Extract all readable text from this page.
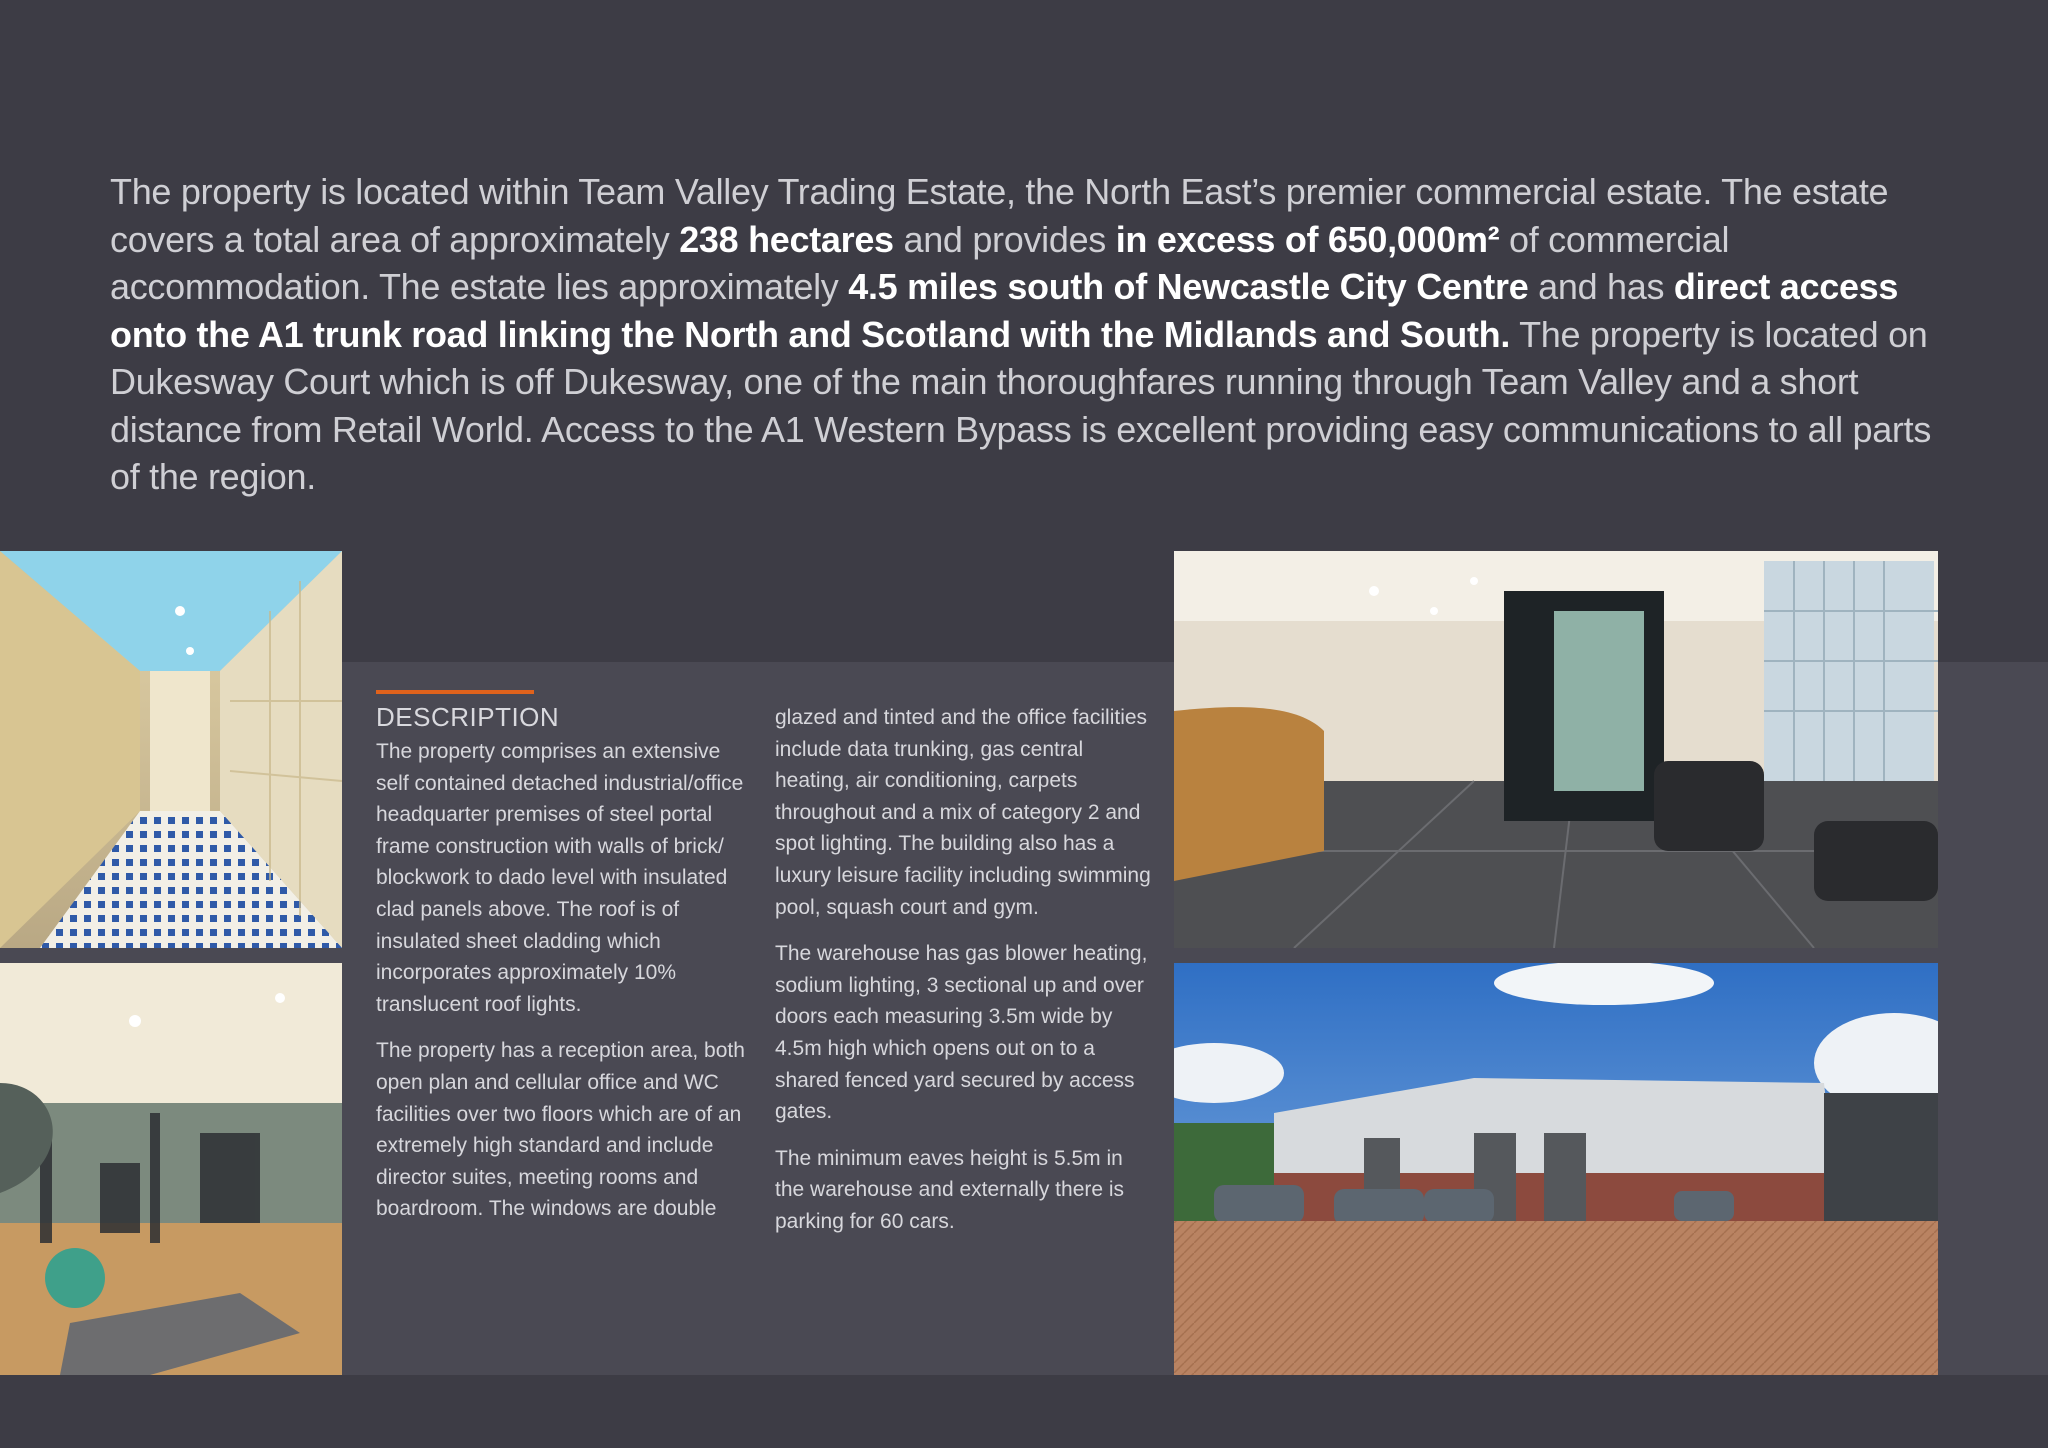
The property is located within Team Valley Trading Estate, the North East’s premier commercial estate. The estate covers a total area of approximately 238 hectares and provides in excess of 650,000m² of commercial accommodation. The estate lies approximately 4.5 miles south of Newcastle City Centre and has direct access onto the A1 trunk road linking the North and Scotland with the Midlands and South. The property is located on Dukesway Court which is off Dukesway, one of the main thoroughfares running through Team Valley and a short distance from Retail World. Access to the A1 Western Bypass is excellent providing easy communications to all parts of the region.

DESCRIPTION

The property comprises an extensive self contained detached industrial/office headquarter premises of steel portal frame construction with walls of brick/ blockwork to dado level with insulated clad panels above. The roof is of insulated sheet cladding which incorporates approximately 10% translucent roof lights.

The property has a reception area, both open plan and cellular office and WC facilities over two floors which are of an extremely high standard and include director suites, meeting rooms and boardroom. The windows are double

glazed and tinted and the office facilities include data trunking, gas central heating, air conditioning, carpets throughout and a mix of category 2 and spot lighting. The building also has a luxury leisure facility including swimming pool, squash court and gym.

The warehouse has gas blower heating, sodium lighting, 3 sectional up and over doors each measuring 3.5m wide by 4.5m high which opens out on to a shared fenced yard secured by access gates.

The minimum eaves height is 5.5m in the warehouse and externally there is parking for 60 cars.
